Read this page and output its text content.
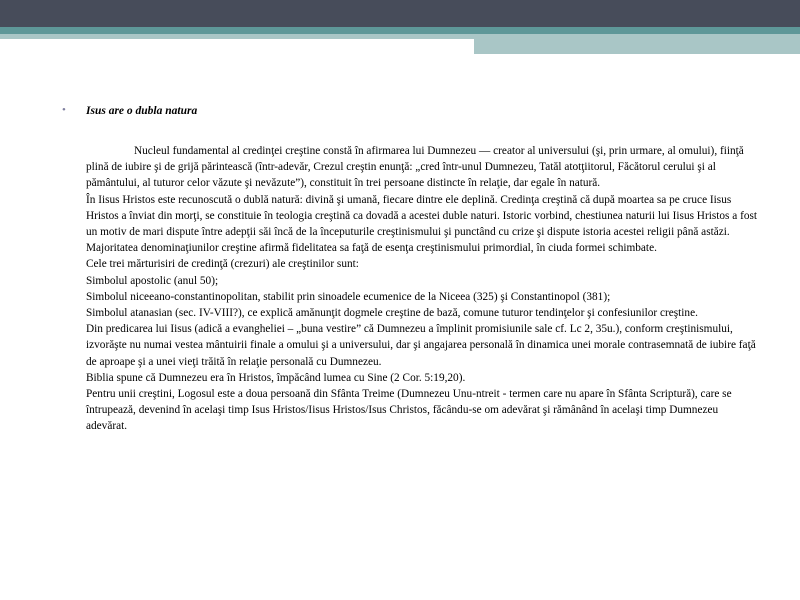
• Isus are o dubla natura

Nucleul fundamental al credinţei creştine constă în afirmarea lui Dumnezeu — creator al universului (şi, prin urmare, al omului), fiinţă plină de iubire şi de grijă părintească (într-adevăr, Crezul creştin enunţă: „cred într-unul Dumnezeu, Tatăl atotţiitorul, Făcătorul cerului şi al pământului, al tuturor celor văzute şi nevăzute”), constituit în trei persoane distincte în relaţie, dar egale în natură.

În Iisus Hristos este recunoscută o dublă natură: divină şi umană, fiecare dintre ele deplină. Credinţa creştină că după moartea sa pe cruce Iisus Hristos a înviat din morţi, se constituie în teologia creştină ca dovadă a acestei duble naturi. Istoric vorbind, chestiunea naturii lui Iisus Hristos a fost un motiv de mari dispute între adepţii săi încă de la începuturile creştinismului şi punctând cu crize şi dispute istoria acestei religii până astăzi.

Majoritatea denominaţiunilor creştine afirmă fidelitatea sa faţă de esenţa creştinismului primordial, în ciuda formei schimbate.

Cele trei mărturisiri de credinţă (crezuri) ale creştinilor sunt:

Simbolul apostolic (anul 50);

Simbolul niceeano-constantinopolitan, stabilit prin sinoadele ecumenice de la Niceea (325) şi Constantinopol (381);

Simbolul atanasian (sec. IV-VIII?), ce explică amănunţit dogmele creştine de bază, comune tuturor tendinţelor şi confesiunilor creştine.

Din predicarea lui Iisus (adică a evangheliei – „buna vestire” că Dumnezeu a împlinit promisiunile sale cf. Lc 2, 35u.), conform creştinismului, izvorăşte nu numai vestea mântuirii finale a omului şi a universului, dar şi angajarea personală în dinamica unei morale contrasemnată de iubire faţă de aproape şi a unei vieţi trăită în relaţie personală cu Dumnezeu.

Biblia spune că Dumnezeu era în Hristos, împăcând lumea cu Sine (2 Cor. 5:19,20).

Pentru unii creştini, Logosul este a doua persoană din Sfânta Treime (Dumnezeu Unu-ntreit - termen care nu apare în Sfânta Scriptură), care se întrupează, devenind în acelaşi timp Isus Hristos/Iisus Hristos/Isus Christos, făcându-se om adevărat şi rămânând în acelaşi timp Dumnezeu adevărat.
